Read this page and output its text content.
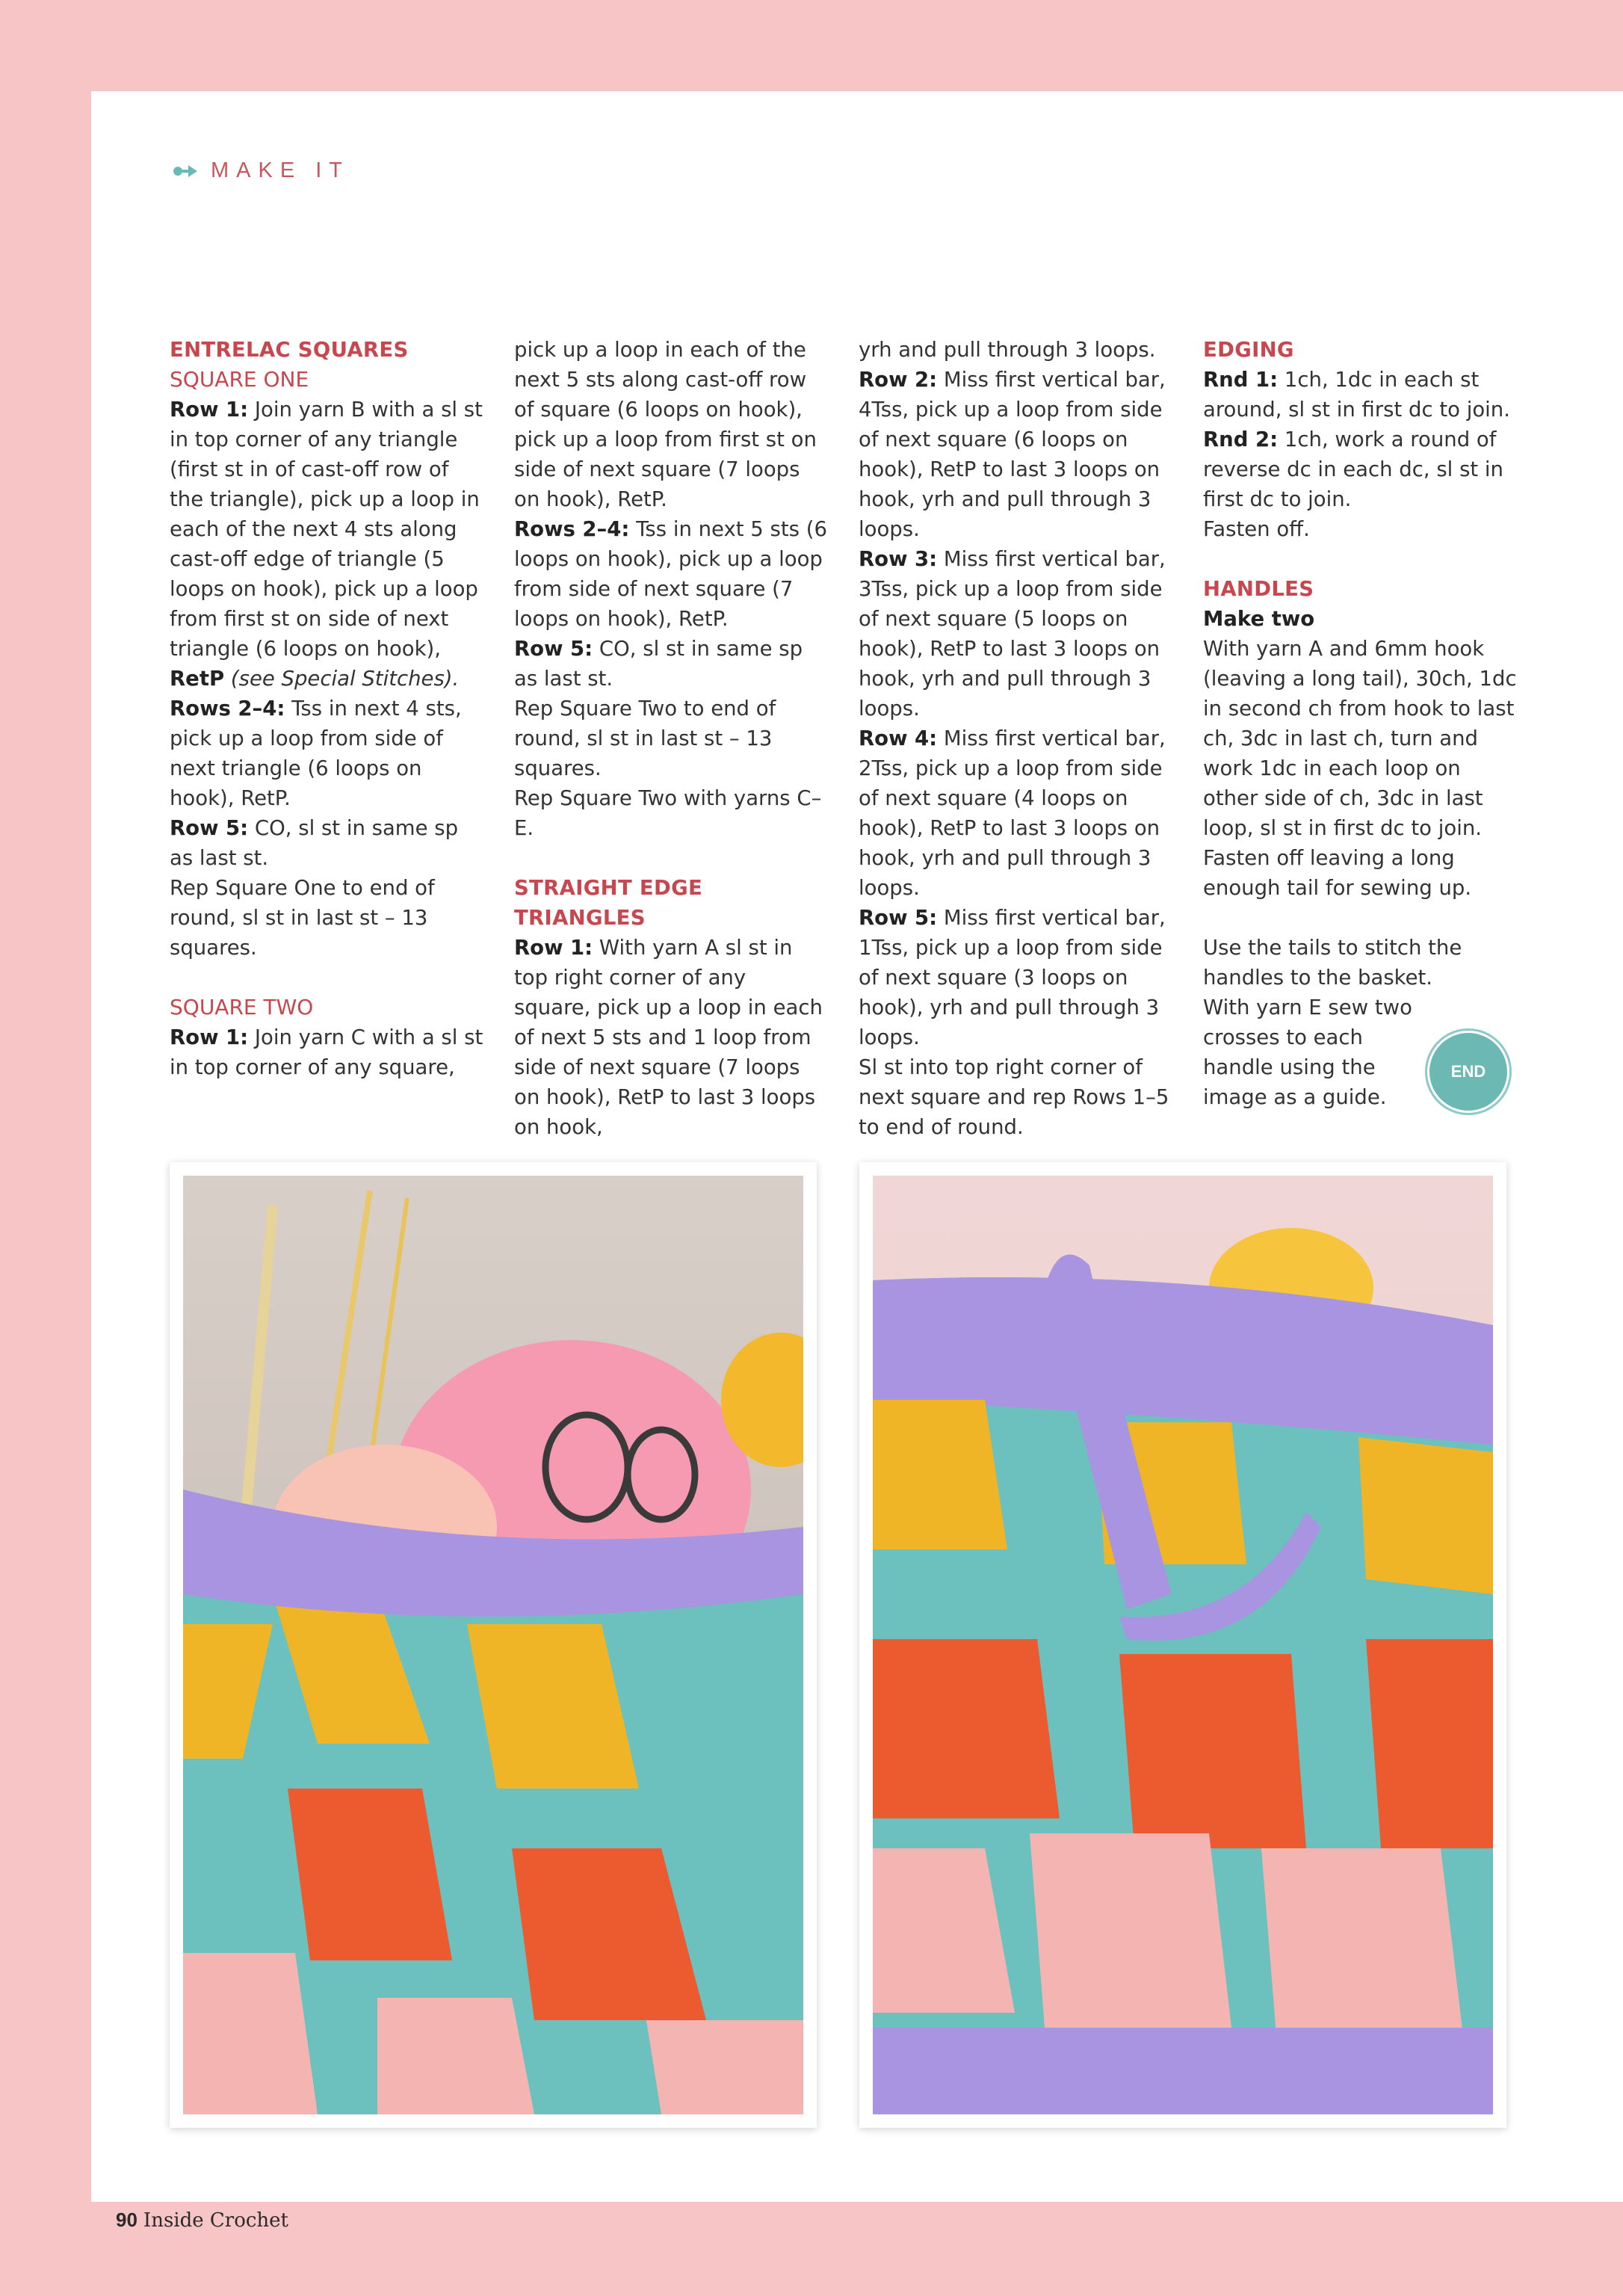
MAKE IT

ENTRELAC SQUARES

SQUARE ONE

Row 1: Join yarn B with a sl st in top corner of any triangle (first st in of cast-off row of the triangle), pick up a loop in each of the next 4 sts along cast-off edge of triangle (5 loops on hook), pick up a loop from first st on side of next triangle (6 loops on hook), RetP (see Special Stitches).

Rows 2–4: Tss in next 4 sts, pick up a loop from side of next triangle (6 loops on hook), RetP.

Row 5: CO, sl st in same sp as last st.

Rep Square One to end of round, sl st in last st – 13 squares.

SQUARE TWO

Row 1: Join yarn C with a sl st in top corner of any square,

pick up a loop in each of the next 5 sts along cast-off row of square (6 loops on hook), pick up a loop from first st on side of next square (7 loops on hook), RetP.

Rows 2–4: Tss in next 5 sts (6 loops on hook), pick up a loop from side of next square (7 loops on hook), RetP.

Row 5: CO, sl st in same sp as last st.

Rep Square Two to end of round, sl st in last st – 13 squares.

Rep Square Two with yarns C–E.

STRAIGHT EDGE TRIANGLES

Row 1: With yarn A sl st in top right corner of any square, pick up a loop in each of next 5 sts and 1 loop from side of next square (7 loops on hook), RetP to last 3 loops on hook,

yrh and pull through 3 loops.

Row 2: Miss first vertical bar, 4Tss, pick up a loop from side of next square (6 loops on hook), RetP to last 3 loops on hook, yrh and pull through 3 loops.

Row 3: Miss first vertical bar, 3Tss, pick up a loop from side of next square (5 loops on hook), RetP to last 3 loops on hook, yrh and pull through 3 loops.

Row 4: Miss first vertical bar, 2Tss, pick up a loop from side of next square (4 loops on hook), RetP to last 3 loops on hook, yrh and pull through 3 loops.

Row 5: Miss first vertical bar, 1Tss, pick up a loop from side of next square (3 loops on hook), yrh and pull through 3 loops.

Sl st into top right corner of next square and rep Rows 1–5 to end of round.

EDGING

Rnd 1: 1ch, 1dc in each st around, sl st in first dc to join.

Rnd 2: 1ch, work a round of reverse dc in each dc, sl st in first dc to join.

Fasten off.

HANDLES

Make two

With yarn A and 6mm hook (leaving a long tail), 30ch, 1dc in second ch from hook to last ch, 3dc in last ch, turn and work 1dc in each loop on other side of ch, 3dc in last loop, sl st in first dc to join.

Fasten off leaving a long enough tail for sewing up.

Use the tails to stitch the handles to the basket.

With yarn E sew two crosses to each handle using the image as a guide.

END
90 Inside Crochet
